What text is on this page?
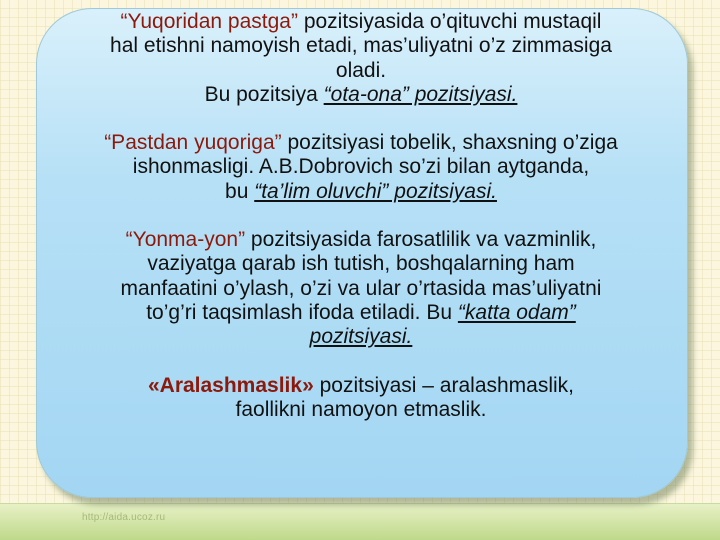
“Yuqoridan pastga” pozitsiyasida o’qituvchi mustaqil

hal etishni namoyish etadi, mas’uliyatni o’z zimmasiga

oladi.

Bu pozitsiya “ota-ona” pozitsiyasi.

“Pastdan yuqoriga” pozitsiyasi tobelik, shaxsning o’ziga

ishonmasligi. A.B.Dobrovich so’zi bilan aytganda,

bu “ta’lim oluvchi” pozitsiyasi.

“Yonma-yon” pozitsiyasida farosatlilik va vazminlik,

vaziyatga qarab ish tutish, boshqalarning ham

manfaatini o’ylash, o’zi va ular o’rtasida mas’uliyatni

to’g’ri taqsimlash ifoda etiladi. Bu “katta odam”

pozitsiyasi.

«Aralashmaslik» pozitsiyasi – aralashmaslik,

faollikni namoyon etmaslik.

http://aida.ucoz.ru
